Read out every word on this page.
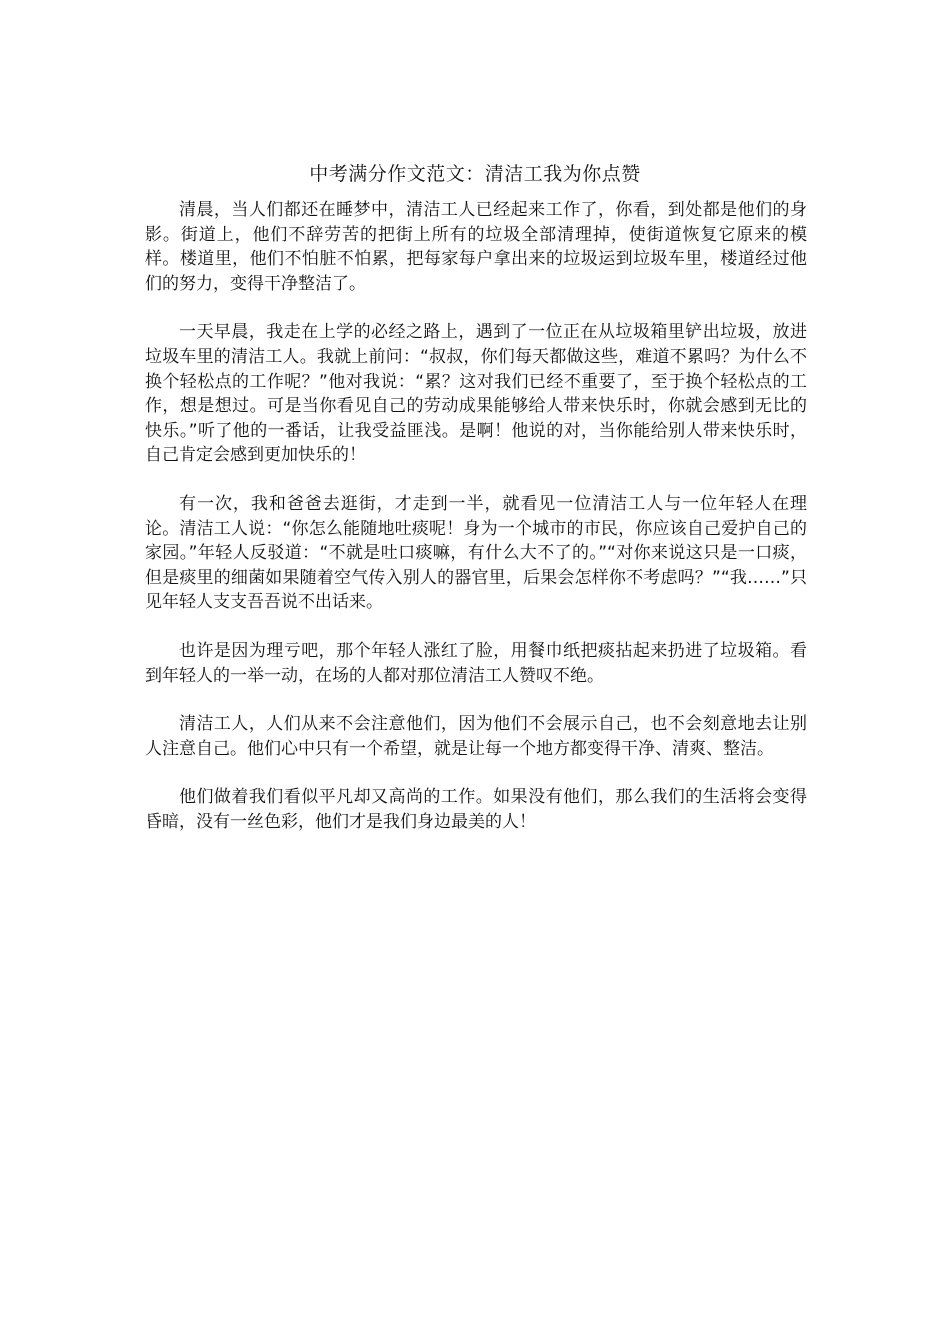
中考满分作文范文：清洁工我为你点赞

清晨，当人们都还在睡梦中，清洁工人已经起来工作了，你看，到处都是他们的身影。街道上，他们不辞劳苦的把街上所有的垃圾全部清理掉，使街道恢复它原来的模样。楼道里，他们不怕脏不怕累，把每家每户拿出来的垃圾运到垃圾车里，楼道经过他们的努力，变得干净整洁了。

一天早晨，我走在上学的必经之路上，遇到了一位正在从垃圾箱里铲出垃圾，放进垃圾车里的清洁工人。我就上前问：“叔叔，你们每天都做这些，难道不累吗？为什么不换个轻松点的工作呢？”他对我说：“累？这对我们已经不重要了，至于换个轻松点的工作，想是想过。可是当你看见自己的劳动成果能够给人带来快乐时，你就会感到无比的快乐。”听了他的一番话，让我受益匪浅。是啊！他说的对，当你能给别人带来快乐时，自己肯定会感到更加快乐的！

有一次，我和爸爸去逛街，才走到一半，就看见一位清洁工人与一位年轻人在理论。清洁工人说：“你怎么能随地吐痰呢！身为一个城市的市民，你应该自己爱护自己的家园。”年轻人反驳道：“不就是吐口痰嘛，有什么大不了的。”“对你来说这只是一口痰，但是痰里的细菌如果随着空气传入别人的器官里，后果会怎样你不考虑吗？”“我……”只见年轻人支支吾吾说不出话来。

也许是因为理亏吧，那个年轻人涨红了脸，用餐巾纸把痰拈起来扔进了垃圾箱。看到年轻人的一举一动，在场的人都对那位清洁工人赞叹不绝。

清洁工人，人们从来不会注意他们，因为他们不会展示自己，也不会刻意地去让别人注意自己。他们心中只有一个希望，就是让每一个地方都变得干净、清爽、整洁。

他们做着我们看似平凡却又高尚的工作。如果没有他们，那么我们的生活将会变得昏暗，没有一丝色彩，他们才是我们身边最美的人！
